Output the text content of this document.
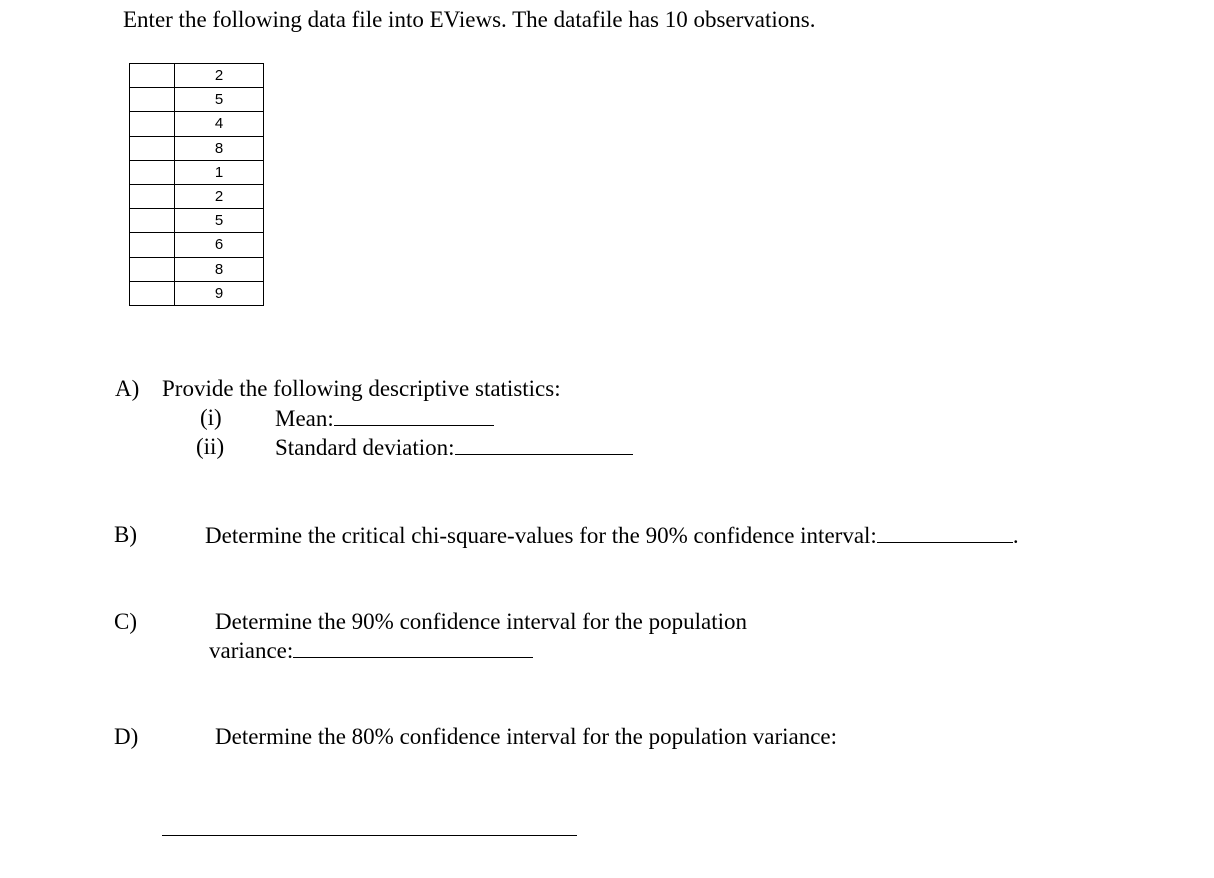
Enter the following data file into EViews. The datafile has 10 observations.
	2
	5
	4
	8
	1
	2
	5
	6
	8
	9
A) Provide the following descriptive statistics:
(i) Mean:
(ii) Standard deviation:
B)	Determine the critical chi-square-values for the 90% confidence interval:	.
C)	Determine the 90% confidence interval for the population
variance:
D)	Determine the 80% confidence interval for the population variance:
